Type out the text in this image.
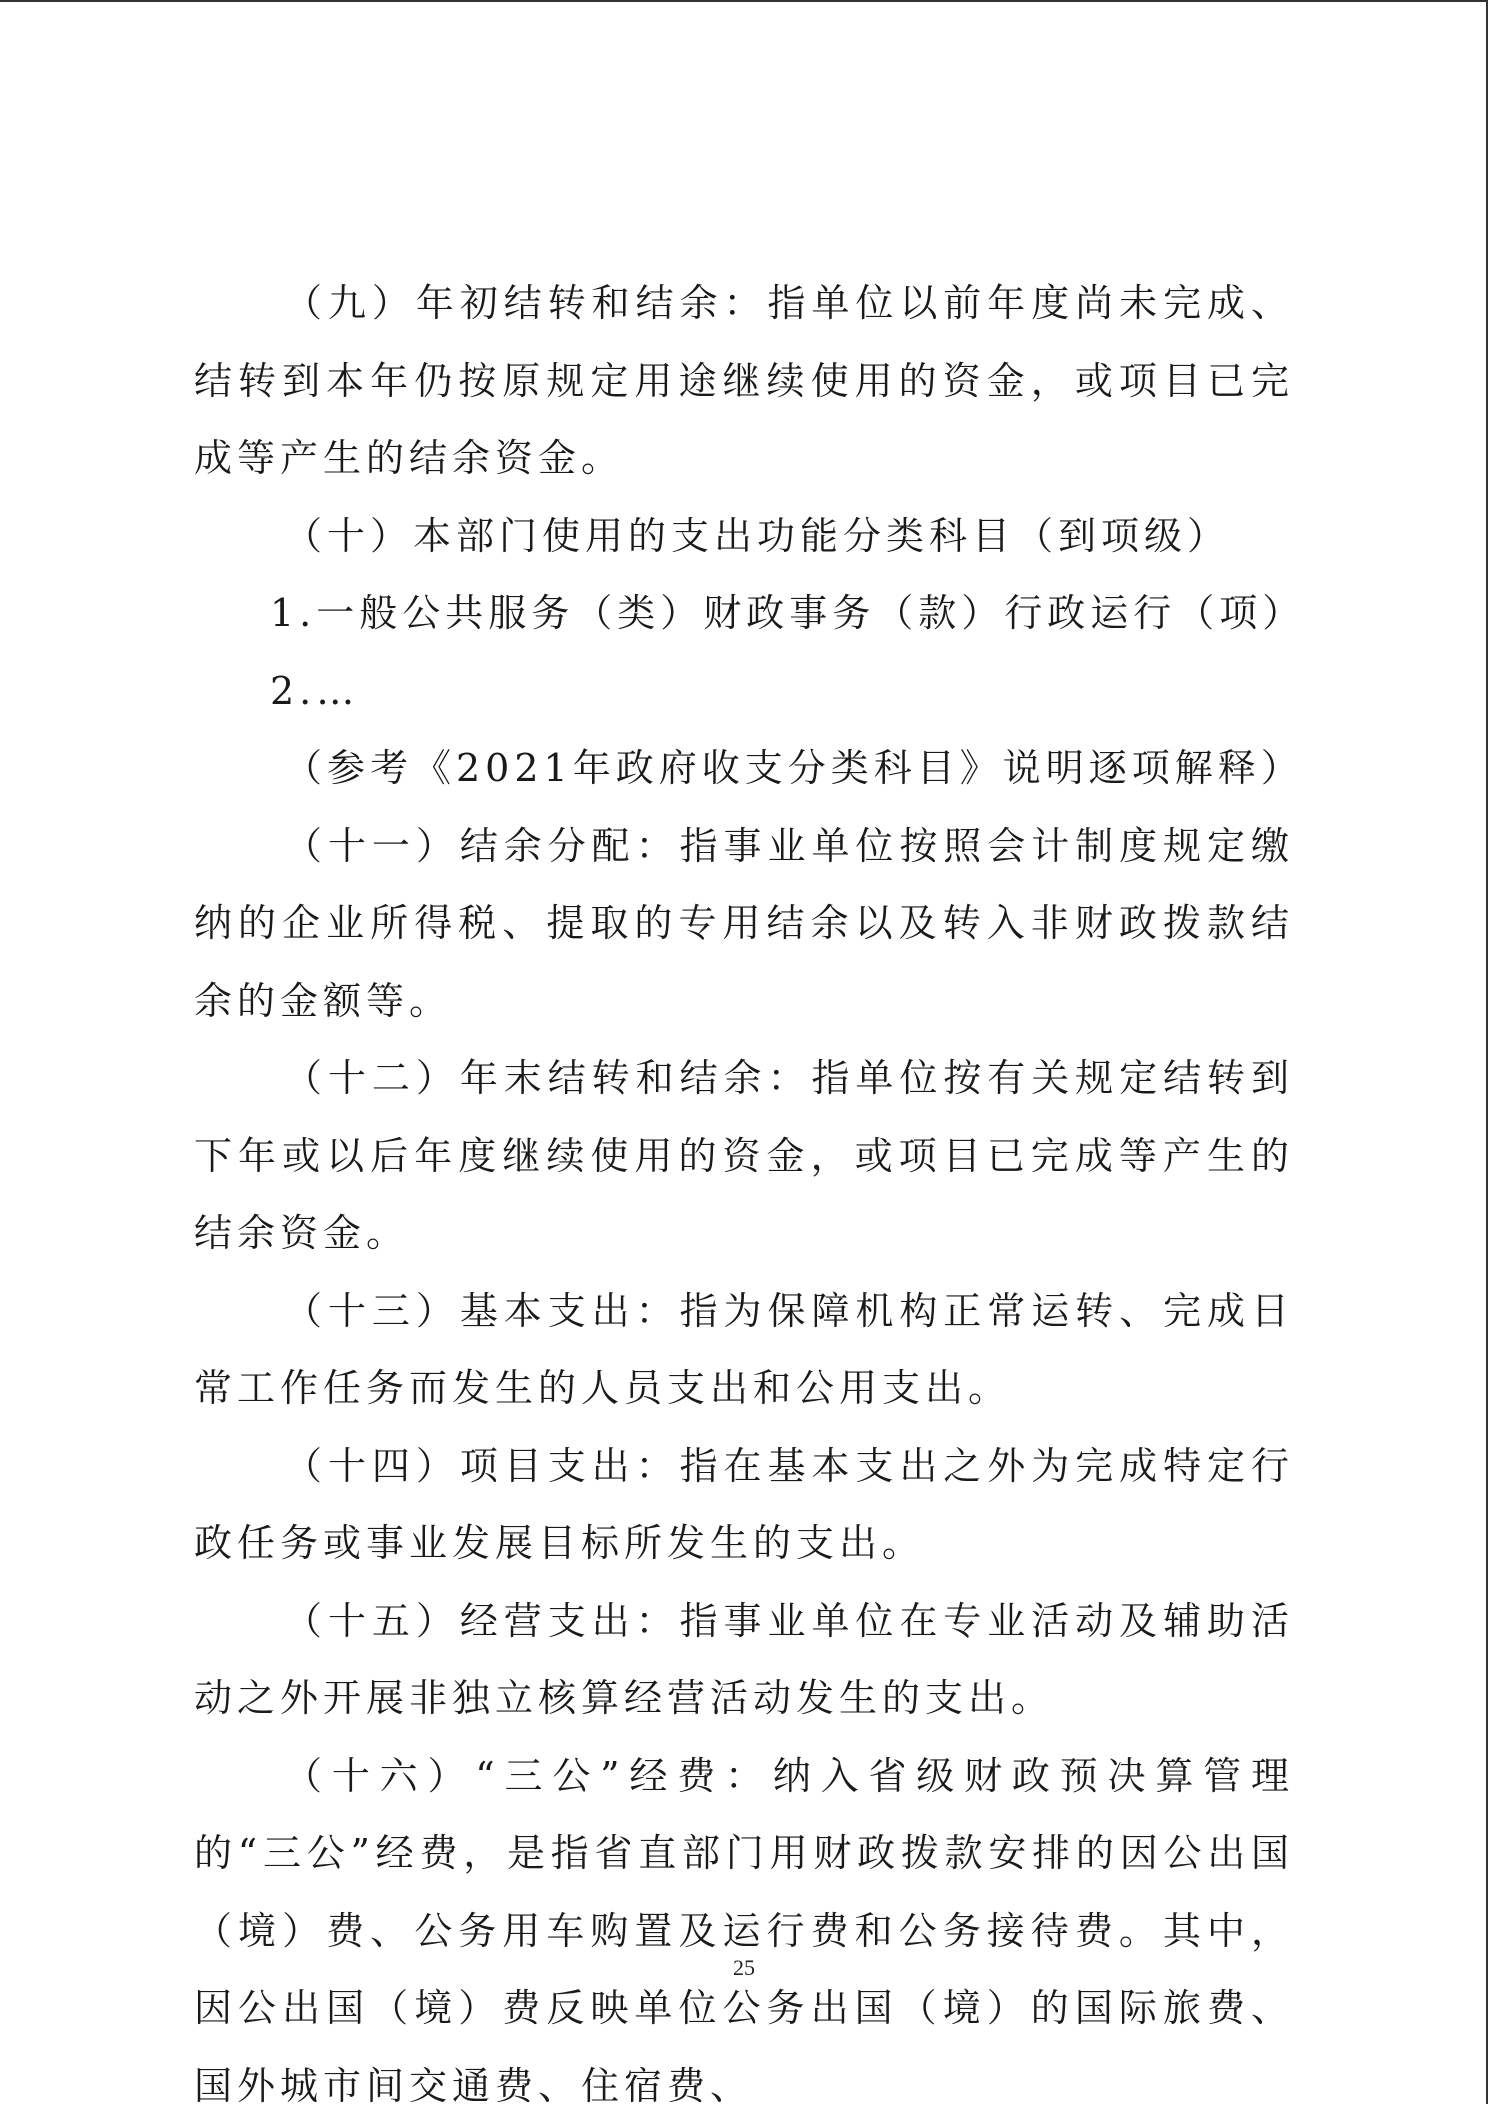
（九）年初结转和结余：指单位以前年度尚未完成、结转到本年仍按原规定用途继续使用的资金，或项目已完成等产生的结余资金。

（十）本部门使用的支出功能分类科目（到项级）

1.一般公共服务（类）财政事务（款）行政运行（项）

2.…

（参考《2021年政府收支分类科目》说明逐项解释）

（十一）结余分配：指事业单位按照会计制度规定缴纳的企业所得税、提取的专用结余以及转入非财政拨款结余的金额等。

（十二）年末结转和结余：指单位按有关规定结转到下年或以后年度继续使用的资金，或项目已完成等产生的结余资金。

（十三）基本支出：指为保障机构正常运转、完成日常工作任务而发生的人员支出和公用支出。

（十四）项目支出：指在基本支出之外为完成特定行政任务或事业发展目标所发生的支出。

（十五）经营支出：指事业单位在专业活动及辅助活动之外开展非独立核算经营活动发生的支出。

（十六）“三公”经费：纳入省级财政预决算管理的“三公”经费，是指省直部门用财政拨款安排的因公出国（境）费、公务用车购置及运行费和公务接待费。其中，因公出国（境）费反映单位公务出国（境）的国际旅费、国外城市间交通费、住宿费、

25
